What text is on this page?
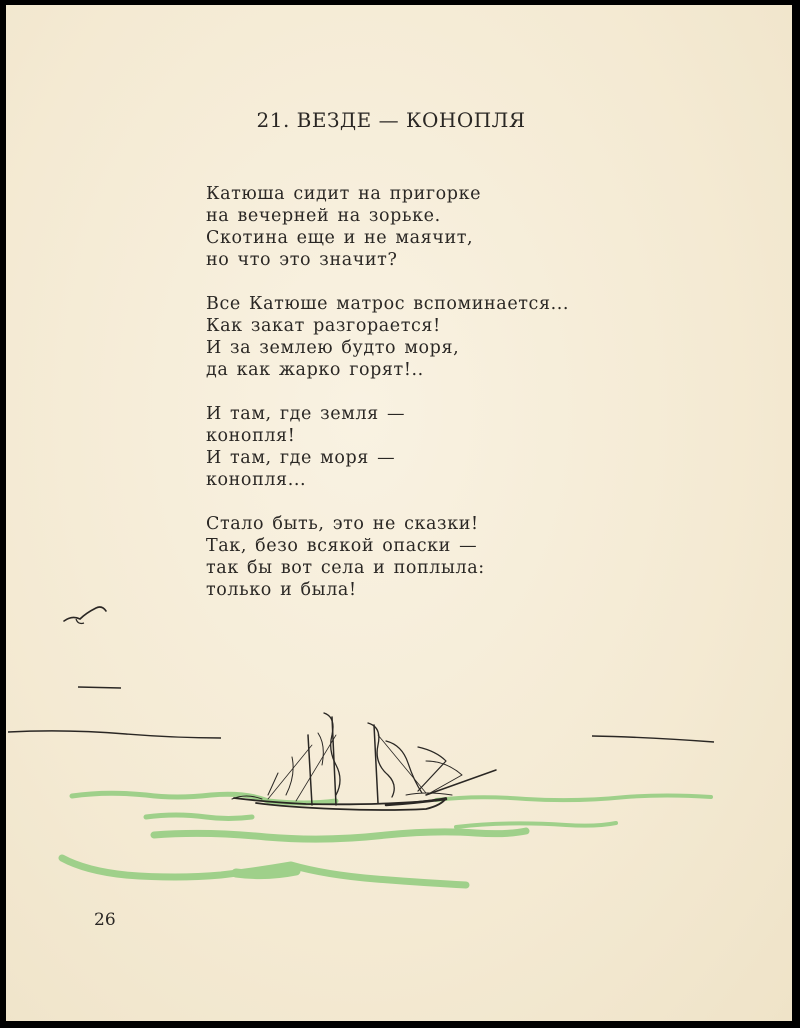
21. ВЕЗДЕ — КОНОПЛЯ
Катюша сидит на пригорке
на вечерней на зорьке.
Скотина еще и не маячит,
но что это значит?
Все Катюше матрос вспоминается...
Как закат разгорается!
И за землею будто моря,
да как жарко горят!..
И там, где земля —
конопля!
И там, где моря —
конопля...
Стало быть, это не сказки!
Так, безо всякой опаски —
так бы вот села и поплыла:
только и была!
26
